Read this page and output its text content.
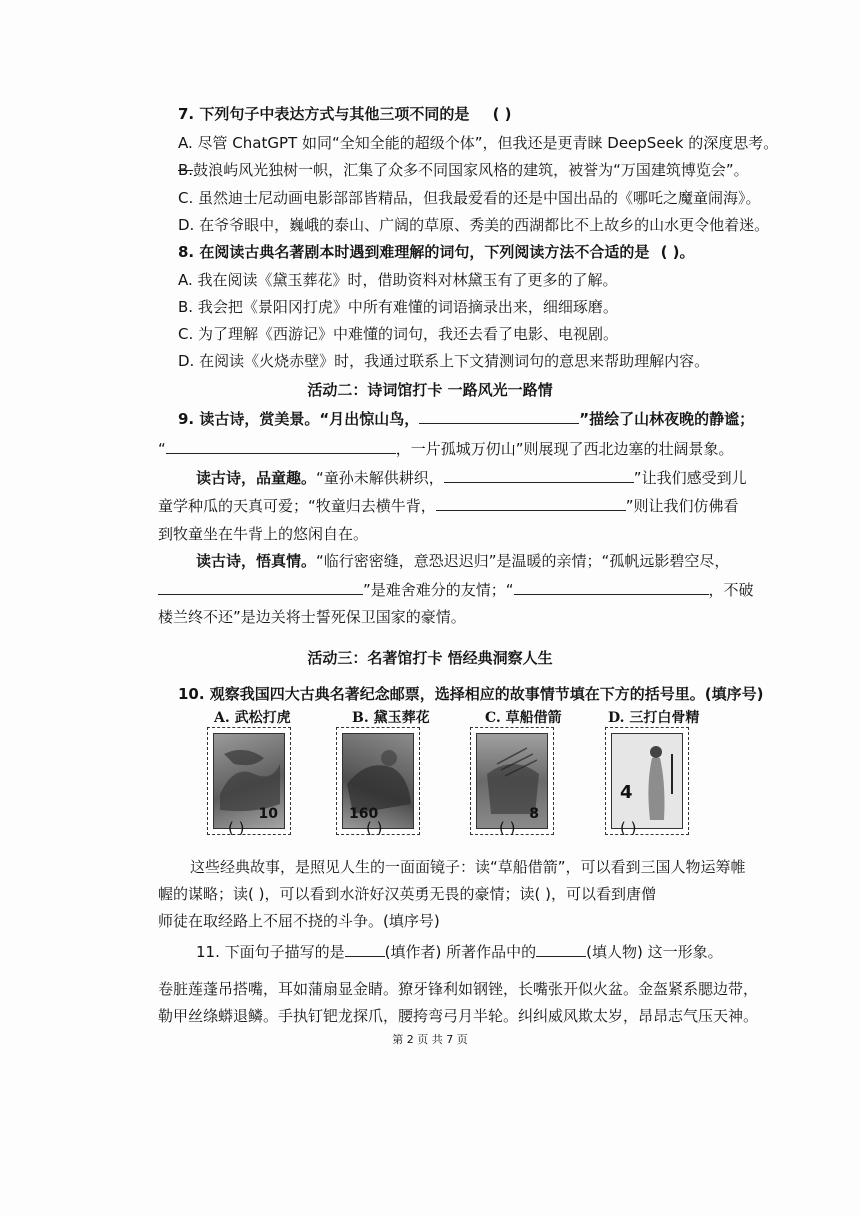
7. 下列句子中表达方式与其他三项不同的是 ( )
A. 尽管 ChatGPT 如同“全知全能的超级个体”，但我还是更青睐 DeepSeek 的深度思考。
B.鼓浪屿风光独树一帜，汇集了众多不同国家风格的建筑，被誉为“万国建筑博览会”。
C. 虽然迪士尼动画电影部部皆精品，但我最爱看的还是中国出品的《哪吒之魔童闹海》。
D. 在爷爷眼中，巍峨的泰山、广阔的草原、秀美的西湖都比不上故乡的山水更令他着迷。
8. 在阅读古典名著剧本时遇到难理解的词句，下列阅读方法不合适的是 ( )。
A. 我在阅读《黛玉葬花》时，借助资料对林黛玉有了更多的了解。
B. 我会把《景阳冈打虎》中所有难懂的词语摘录出来，细细琢磨。
C. 为了理解《西游记》中难懂的词句，我还去看了电影、电视剧。
D. 在阅读《火烧赤壁》时，我通过联系上下文猜测词句的意思来帮助理解内容。
活动二：诗词馆打卡 一路风光一路情
9. 读古诗，赏美景。“月出惊山鸟，	”描绘了山林夜晚的静谧；
“	，一片孤城万仞山”则展现了西北边塞的壮阔景象。
读古诗，品童趣。“童孙未解供耕织，	”让我们感受到儿
童学种瓜的天真可爱；“牧童归去横牛背，	”则让我们仿佛看
到牧童坐在牛背上的悠闲自在。
读古诗，悟真情。“临行密密缝，意恐迟迟归”是温暖的亲情；“孤帆远影碧空尽，
”是难舍难分的友情；“	，不破
楼兰终不还”是边关将士誓死保卫国家的豪情。
活动三：名著馆打卡 悟经典洞察人生
10. 观察我国四大古典名著纪念邮票，选择相应的故事情节填在下方的括号里。(填序号)
A. 武松打虎	B. 黛玉葬花	C. 草船借箭	D. 三打白骨精
10	160	8
4
( )	( )	( )	( )
这些经典故事，是照见人生的一面面镜子：读“草船借箭”，可以看到三国人物运筹帷
幄的谋略；读( )，可以看到水浒好汉英勇无畏的豪情；读( )，可以看到唐僧
师徒在取经路上不屈不挠的斗争。(填序号)
11. 下面句子描写的是	(填作者) 所著作品中的	(填人物) 这一形象。
卷脏莲蓬吊搭嘴，耳如蒲扇显金睛。獠牙锋利如钢锉，长嘴张开似火盆。金盔紧系腮边带，
勒甲丝绦蟒退鳞。手执钉钯龙探爪，腰挎弯弓月半轮。纠纠威风欺太岁，昂昂志气压天神。
第 2 页 共 7 页
